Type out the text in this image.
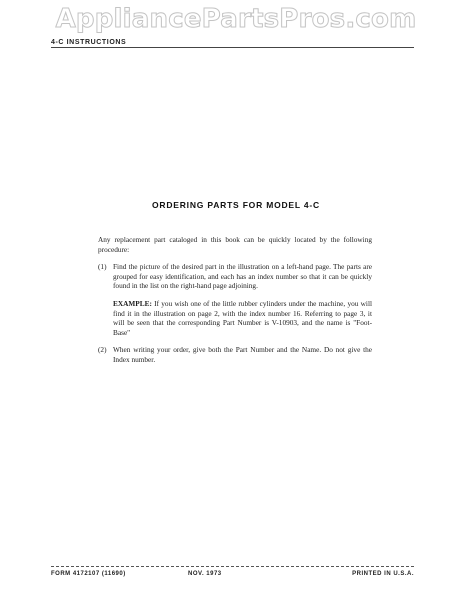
AppliancePartsPros.com
4-C INSTRUCTIONS
ORDERING PARTS FOR MODEL 4-C

Any replacement part cataloged in this book can be quickly located by the following procedure:

(1) Find the picture of the desired part in the illustration on a left-hand page. The parts are grouped for easy identification, and each has an index number so that it can be quickly found in the list on the right-hand page adjoining.

EXAMPLE: If you wish one of the little rubber cylinders under the machine, you will find it in the illustration on page 2, with the index number 16. Referring to page 3, it will be seen that the corresponding Part Number is V-10903, and the name is "Foot-Base"

(2) When writing your order, give both the Part Number and the Name. Do not give the Index number.

FORM 4172107 (11690)	NOV. 1973	PRINTED IN U.S.A.
